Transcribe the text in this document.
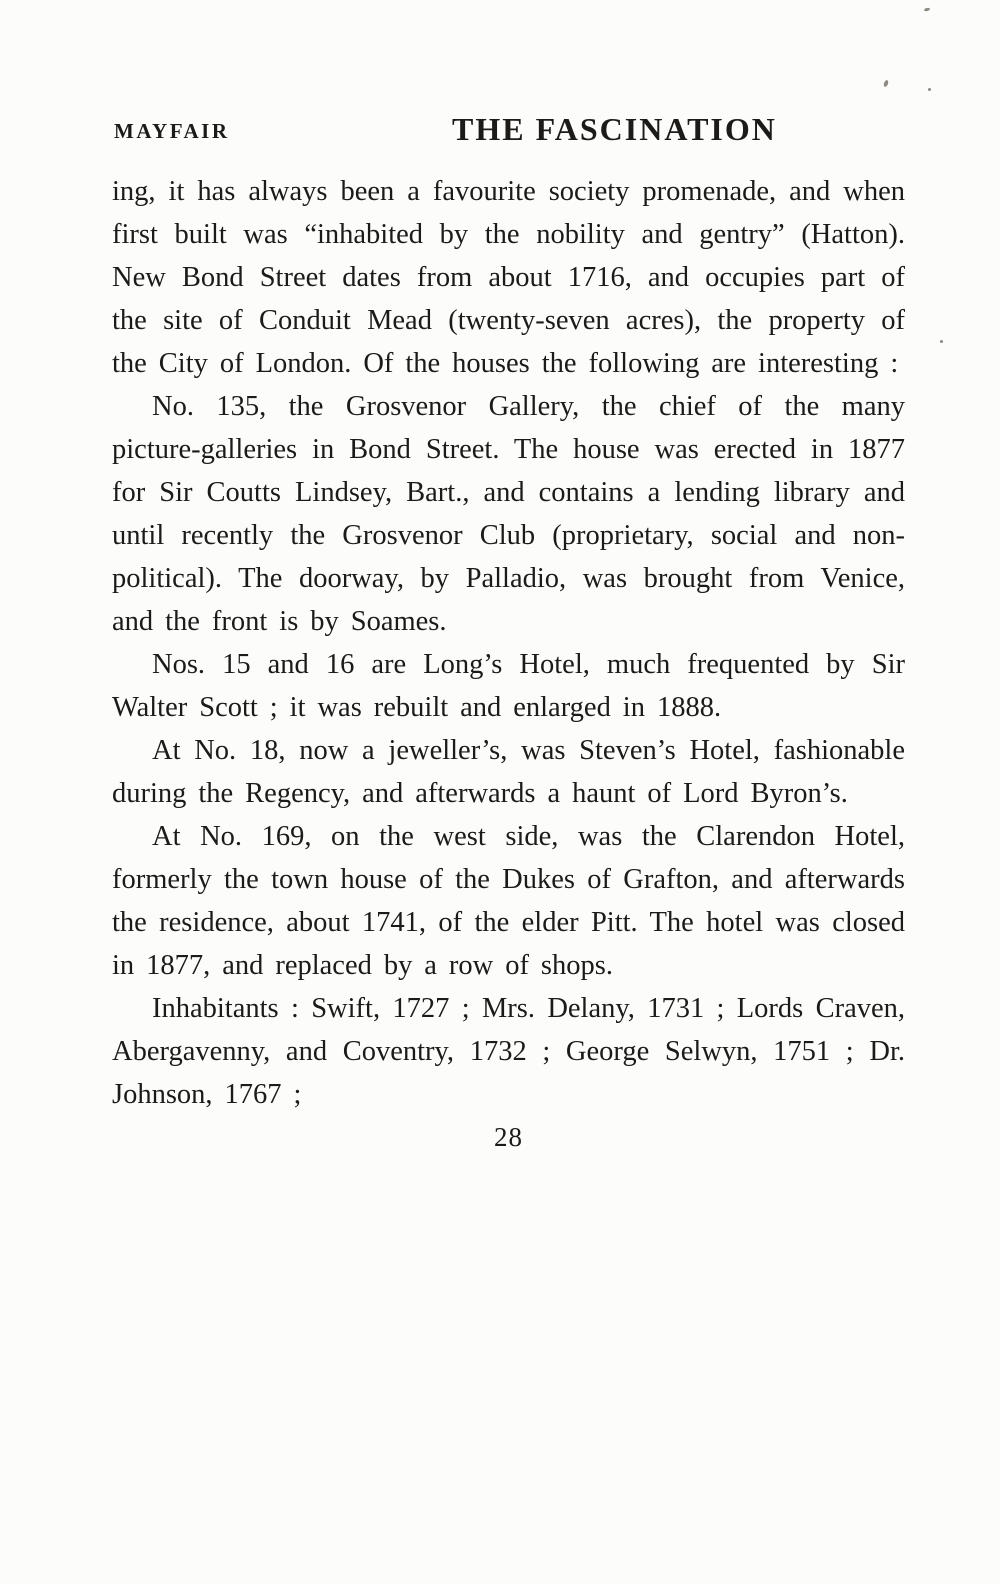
MAYFAIR	THE FASCINATION

ing, it has always been a favourite society promenade, and when first built was “inhabited by the nobility and gentry” (Hatton). New Bond Street dates from about 1716, and occupies part of the site of Conduit Mead (twenty-seven acres), the property of the City of London. Of the houses the following are interesting :

No. 135, the Grosvenor Gallery, the chief of the many picture-galleries in Bond Street. The house was erected in 1877 for Sir Coutts Lindsey, Bart., and contains a lending library and until recently the Grosvenor Club (proprietary, social and non-political). The doorway, by Palladio, was brought from Venice, and the front is by Soames.

Nos. 15 and 16 are Long’s Hotel, much frequented by Sir Walter Scott ; it was rebuilt and enlarged in 1888.

At No. 18, now a jeweller’s, was Steven’s Hotel, fashionable during the Regency, and afterwards a haunt of Lord Byron’s.

At No. 169, on the west side, was the Clarendon Hotel, formerly the town house of the Dukes of Grafton, and afterwards the residence, about 1741, of the elder Pitt. The hotel was closed in 1877, and replaced by a row of shops.

Inhabitants : Swift, 1727 ; Mrs. Delany, 1731 ; Lords Craven, Abergavenny, and Coventry, 1732 ; George Selwyn, 1751 ; Dr. Johnson, 1767 ;

28
